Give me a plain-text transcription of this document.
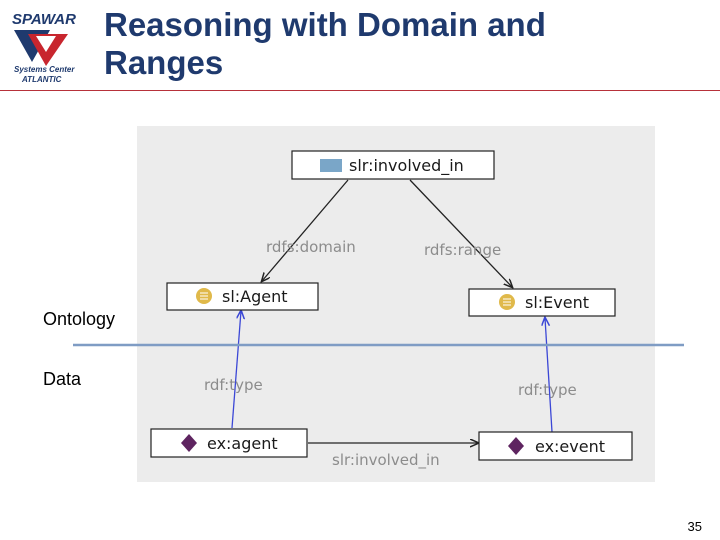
SPAWAR
Systems Center
ATLANTIC
Reasoning with Domain and
Ranges
rdfs:domain	rdfs:range
rdf:type	rdf:type
slr:involved_in
slr:involved_in
sl:Agent	sl:Event
ex:agent	ex:event
Ontology
Data
35
